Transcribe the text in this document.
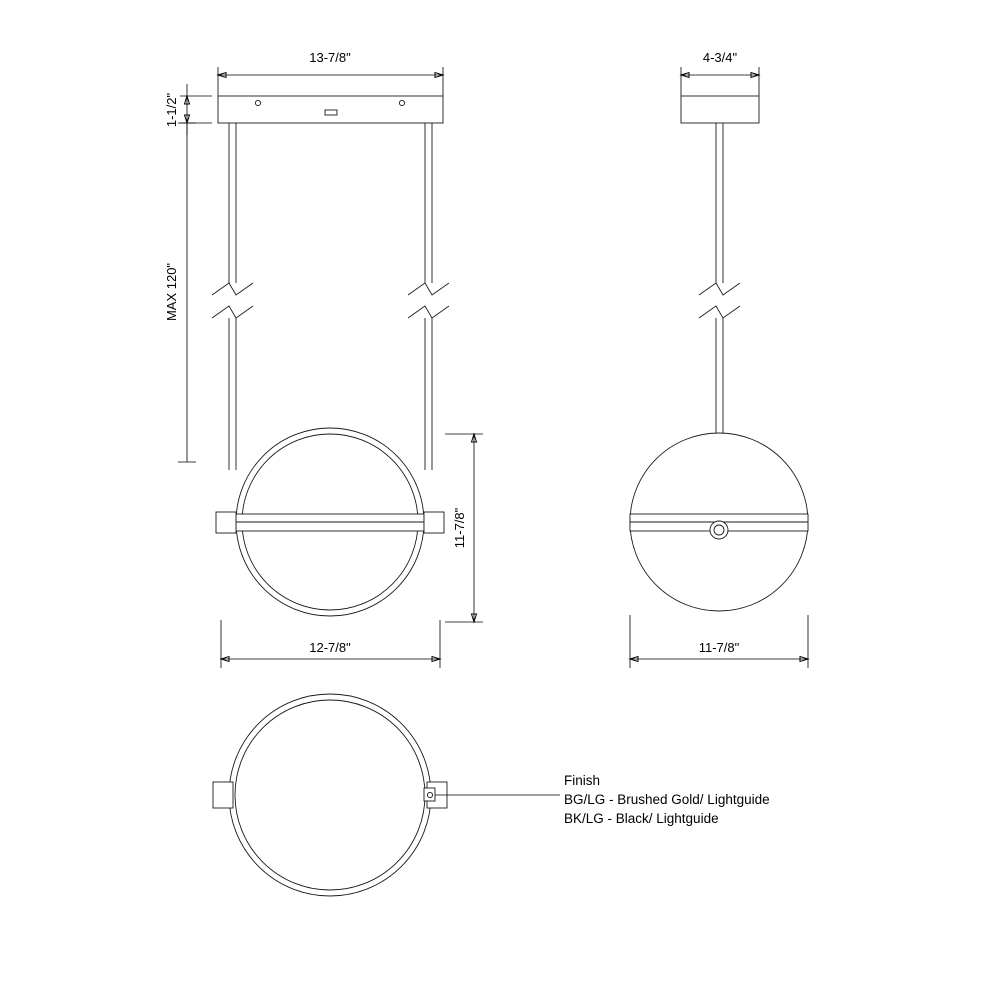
13-7/8"
1-1/2"
MAX 120"
11-7/8"
12-7/8"
4-3/4"
11-7/8"
Finish
BG/LG - Brushed Gold/ Lightguide
BK/LG - Black/ Lightguide
